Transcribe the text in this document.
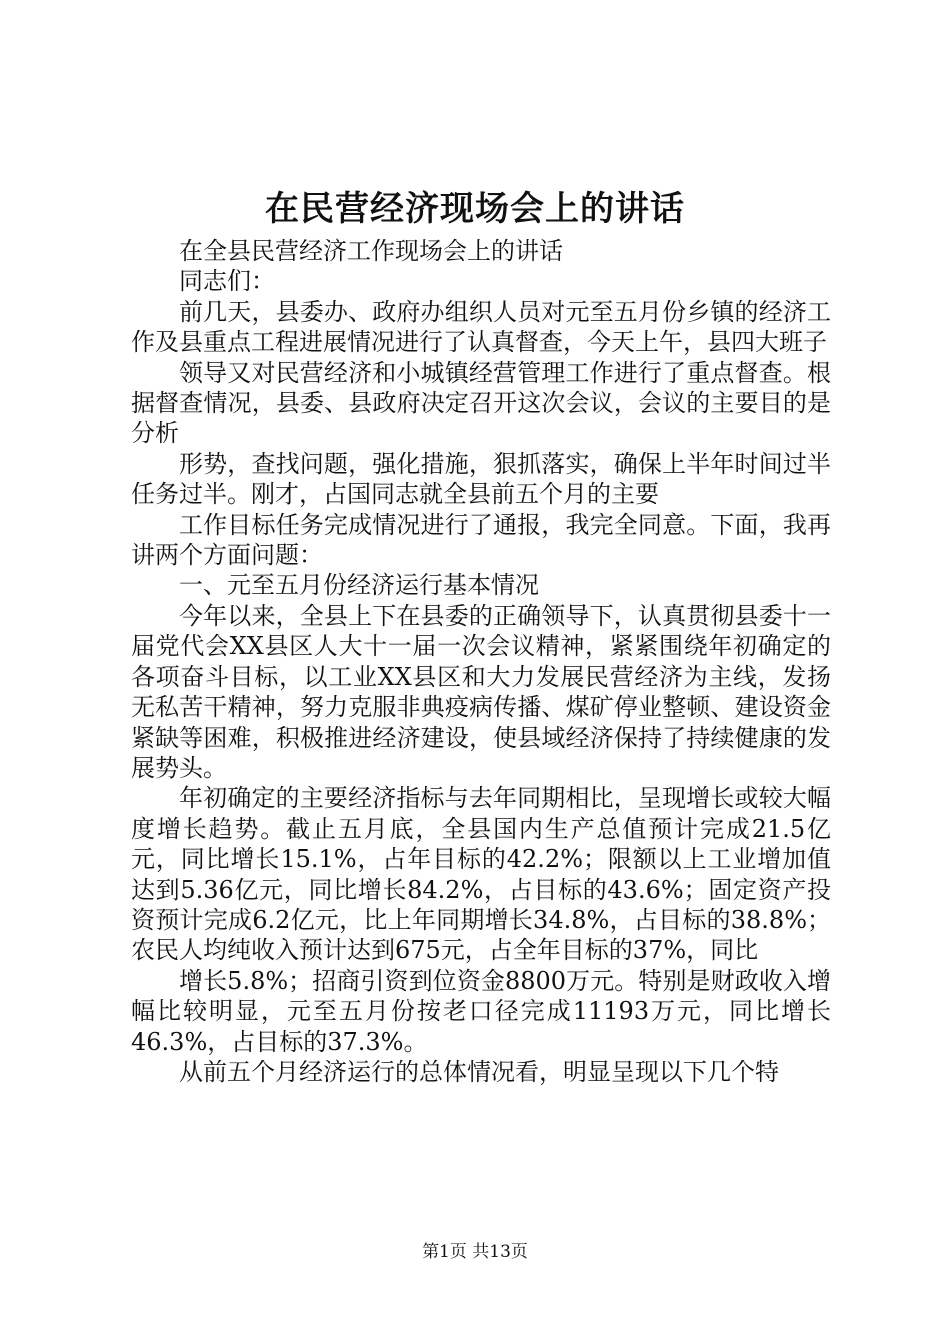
在民营经济现场会上的讲话

在全县民营经济工作现场会上的讲话

同志们：

前几天，县委办、政府办组织人员对元至五月份乡镇的经济工作及县重点工程进展情况进行了认真督查，今天上午，县四大班子

领导又对民营经济和小城镇经营管理工作进行了重点督查。根据督查情况，县委、县政府决定召开这次会议，会议的主要目的是分析

形势，查找问题，强化措施，狠抓落实，确保上半年时间过半任务过半。刚才，占国同志就全县前五个月的主要

工作目标任务完成情况进行了通报，我完全同意。下面，我再讲两个方面问题：

一、元至五月份经济运行基本情况

今年以来，全县上下在县委的正确领导下，认真贯彻县委十一届党代会XX县区人大十一届一次会议精神，紧紧围绕年初确定的各项奋斗目标，以工业XX县区和大力发展民营经济为主线，发扬无私苦干精神，努力克服非典疫病传播、煤矿停业整顿、建设资金紧缺等困难，积极推进经济建设，使县域经济保持了持续健康的发展势头。

年初确定的主要经济指标与去年同期相比，呈现增长或较大幅度增长趋势。截止五月底，全县国内生产总值预计完成21.5亿元，同比增长15.1%，占年目标的42.2%；限额以上工业增加值达到5.36亿元，同比增长84.2%，占目标的43.6%；固定资产投资预计完成6.2亿元，比上年同期增长34.8%，占目标的38.8%；农民人均纯收入预计达到675元，占全年目标的37%，同比

增长5.8%；招商引资到位资金8800万元。特别是财政收入增幅比较明显，元至五月份按老口径完成11193万元，同比增长46.3%，占目标的37.3%。

从前五个月经济运行的总体情况看，明显呈现以下几个特

第1页 共13页
